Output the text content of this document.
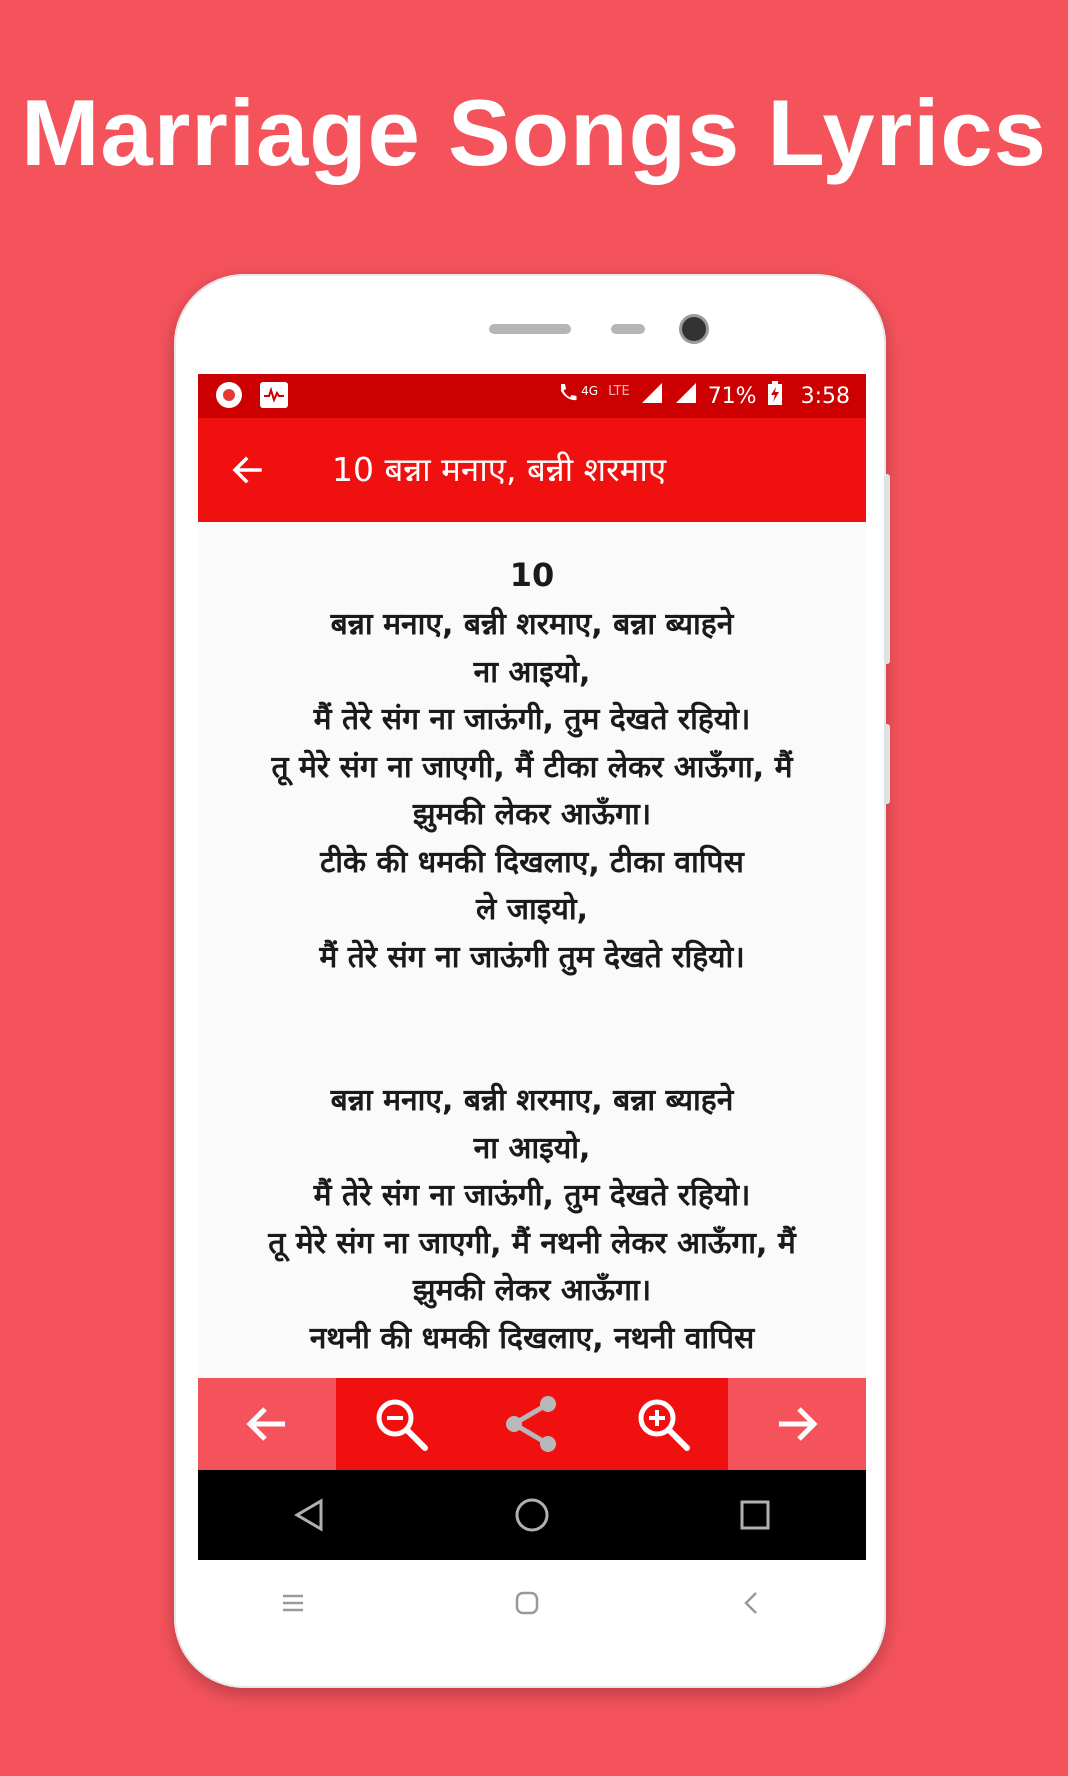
Marriage Songs Lyrics
4G LTE	71% 3:58
10 बन्ना मनाए, बन्नी शरमाए
10

बन्ना मनाए, बन्नी शरमाए, बन्ना ब्याहने

ना आइयो,

मैं तेरे संग ना जाऊंगी, तुम देखते रहियो।

तू मेरे संग ना जाएगी, मैं टीका लेकर आऊँगा, मैं

झुमकी लेकर आऊँगा।

टीके की धमकी दिखलाए, टीका वापिस

ले जाइयो,

मैं तेरे संग ना जाऊंगी तुम देखते रहियो।

बन्ना मनाए, बन्नी शरमाए, बन्ना ब्याहने

ना आइयो,

मैं तेरे संग ना जाऊंगी, तुम देखते रहियो।

तू मेरे संग ना जाएगी, मैं नथनी लेकर आऊँगा, मैं

झुमकी लेकर आऊँगा।

नथनी की धमकी दिखलाए, नथनी वापिस
